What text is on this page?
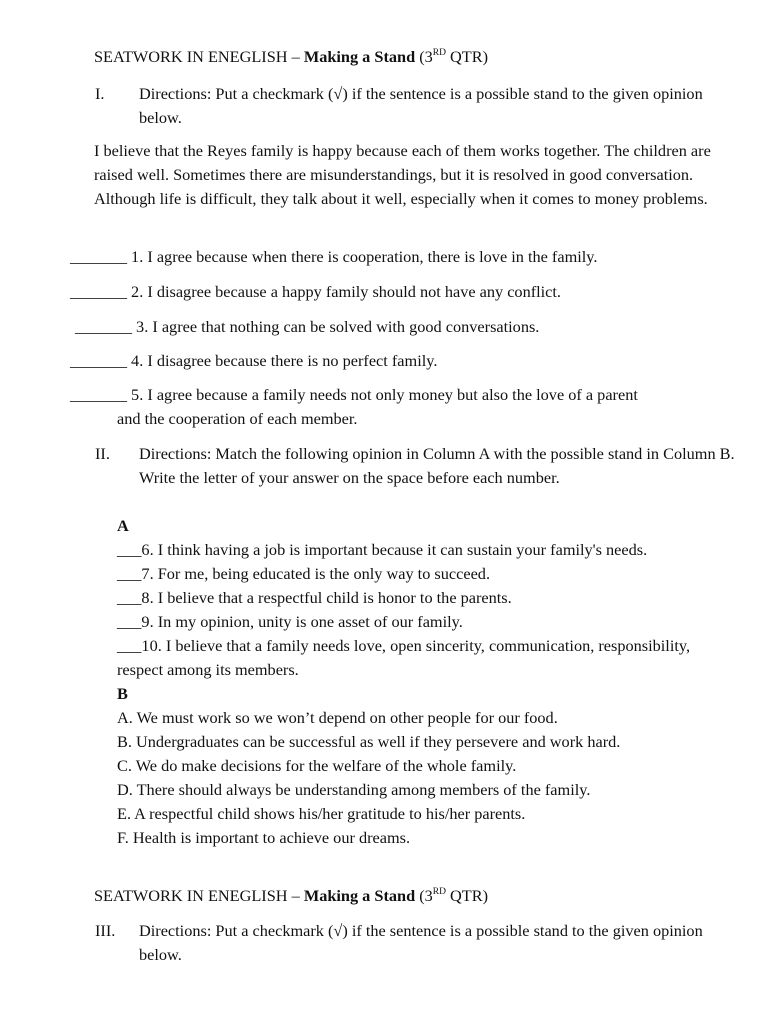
SEATWORK IN ENEGLISH – Making a Stand (3RD QTR)
I. Directions: Put a checkmark (√) if the sentence is a possible stand to the given opinion below.
I believe that the Reyes family is happy because each of them works together. The children are raised well. Sometimes there are misunderstandings, but it is resolved in good conversation. Although life is difficult, they talk about it well, especially when it comes to money problems.
_______ 1. I agree because when there is cooperation, there is love in the family.
_______ 2. I disagree because a happy family should not have any conflict.
_______ 3. I agree that nothing can be solved with good conversations.
_______ 4. I disagree because there is no perfect family.
_______ 5. I agree because a family needs not only money but also the love of a parent
and the cooperation of each member.
II. Directions: Match the following opinion in Column A with the possible stand in Column B. Write the letter of your answer on the space before each number.
A
___6. I think having a job is important because it can sustain your family's needs.
___7. For me, being educated is the only way to succeed.
___8. I believe that a respectful child is honor to the parents.
___9. In my opinion, unity is one asset of our family.
___10. I believe that a family needs love, open sincerity, communication, responsibility, respect among its members.
B
A. We must work so we won’t depend on other people for our food.
B. Undergraduates can be successful as well if they persevere and work hard.
C. We do make decisions for the welfare of the whole family.
D. There should always be understanding among members of the family.
E. A respectful child shows his/her gratitude to his/her parents.
F. Health is important to achieve our dreams.
SEATWORK IN ENEGLISH – Making a Stand (3RD QTR)
III. Directions: Put a checkmark (√) if the sentence is a possible stand to the given opinion below.
